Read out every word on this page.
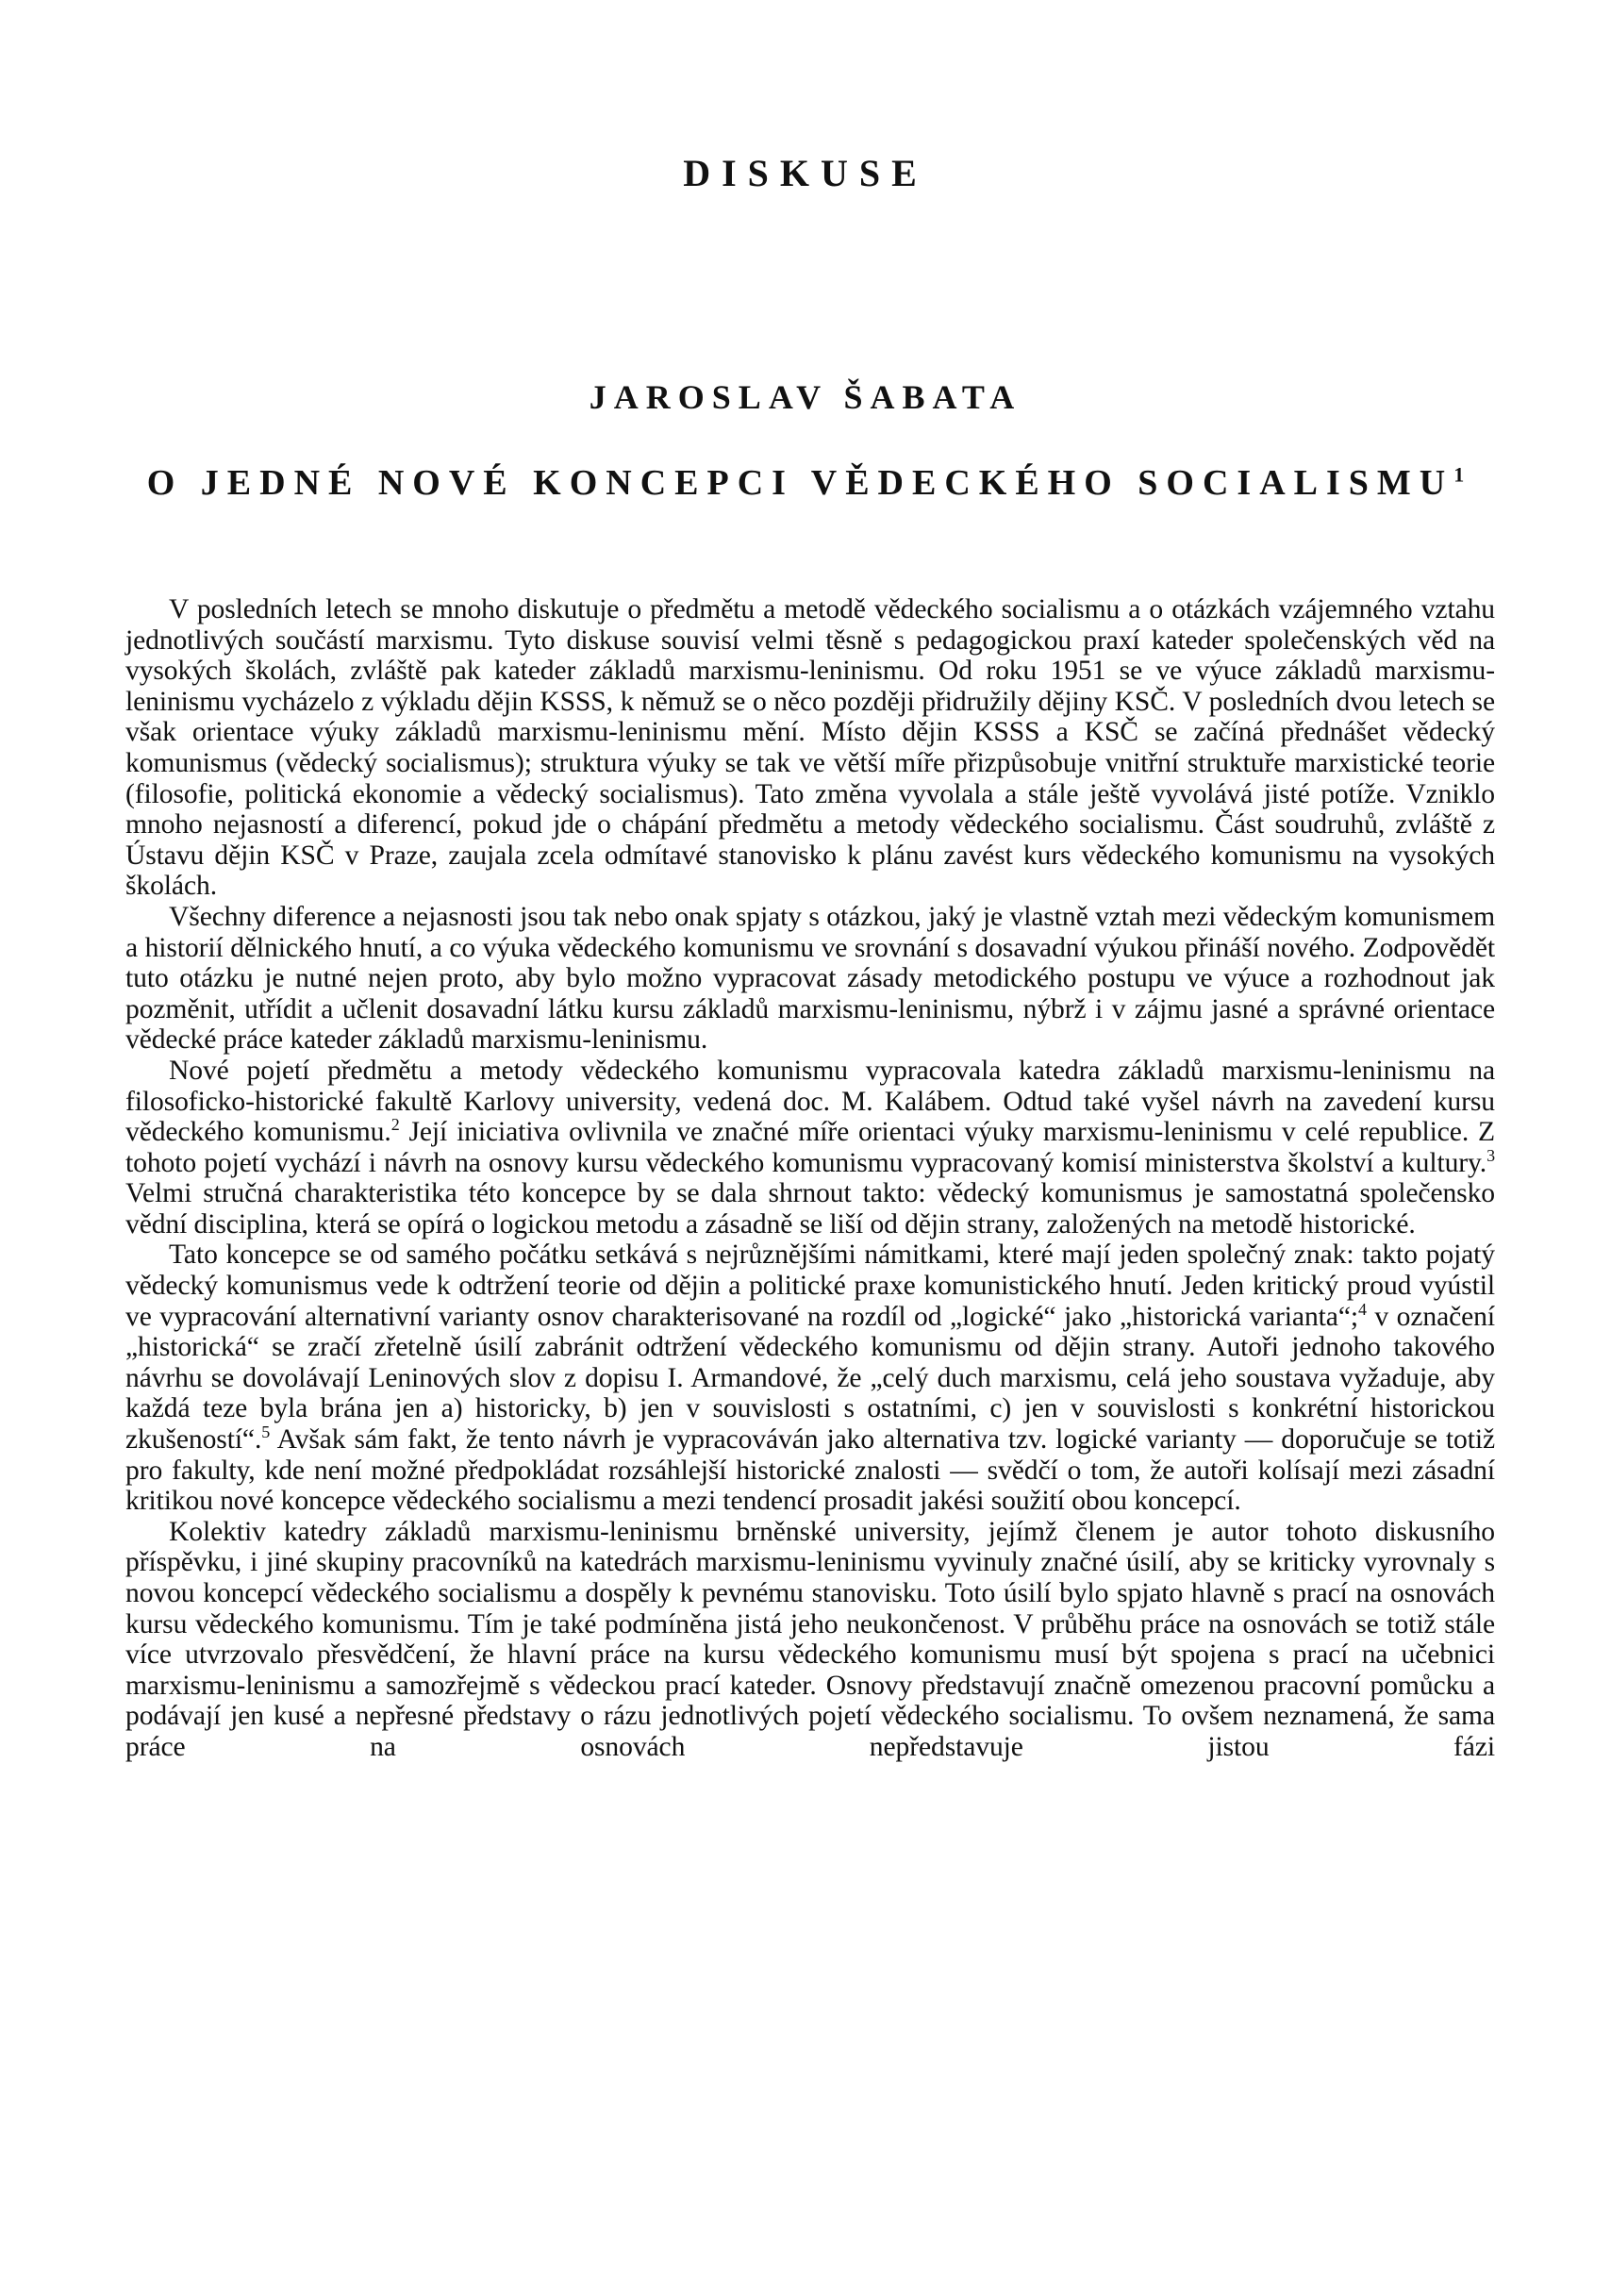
DISKUSE
JAROSLAV ŠABATA
O JEDNÉ NOVÉ KONCEPCI VĚDECKÉHO SOCIALISMU$^1$

V posledních letech se mnoho diskutuje o předmětu a metodě vědeckého socialismu a o otázkách vzájemného vztahu jednotlivých součástí marxismu. Tyto diskuse souvisí velmi těsně s pedagogickou praxí kateder společenských věd na vysokých školách, zvláště pak kateder základů marxismu-leninismu. Od roku 1951 se ve výuce základů marxismu-leninismu vycházelo z výkladu dějin KSSS, k němuž se o něco později přidružily dějiny KSČ. V posledních dvou letech se však orientace výuky základů marxismu-leninismu mění. Místo dějin KSSS a KSČ se začíná přednášet vědecký komunismus (vědecký socialismus); struktura výuky se tak ve větší míře přizpůsobuje vnitřní struktuře marxistické teorie (filosofie, politická ekonomie a vědecký socialismus). Tato změna vyvolala a stále ještě vyvolává jisté potíže. Vzniklo mnoho nejasností a diferencí, pokud jde o chápání předmětu a metody vědeckého socialismu. Část soudruhů, zvláště z Ústavu dějin KSČ v Praze, zaujala zcela odmítavé stanovisko k plánu zavést kurs vědeckého komunismu na vysokých školách.

Všechny diference a nejasnosti jsou tak nebo onak spjaty s otázkou, jaký je vlastně vztah mezi vědeckým komunismem a historií dělnického hnutí, a co výuka vědeckého komunismu ve srovnání s dosavadní výukou přináší nového. Zodpovědět tuto otázku je nutné nejen proto, aby bylo možno vypracovat zásady metodického postupu ve výuce a rozhodnout jak pozměnit, utřídit a učlenit dosavadní látku kursu základů marxismu-leninismu, nýbrž i v zájmu jasné a správné orientace vědecké práce kateder základů marxismu-leninismu.

Nové pojetí předmětu a metody vědeckého komunismu vypracovala katedra základů marxismu-leninismu na filosoficko-historické fakultě Karlovy university, vedená doc. M. Kalábem. Odtud také vyšel návrh na zavedení kursu vědeckého komunismu.$^2$ Její iniciativa ovlivnila ve značné míře orientaci výuky marxismu-leninismu v celé republice. Z tohoto pojetí vychází i návrh na osnovy kursu vědeckého komunismu vypracovaný komisí ministerstva školství a kultury.$^3$ Velmi stručná charakteristika této koncepce by se dala shrnout takto: vědecký komunismus je samostatná společensko vědní disciplina, která se opírá o logickou metodu a zásadně se liší od dějin strany, založených na metodě historické.

Tato koncepce se od samého počátku setkává s nejrůznějšími námitkami, které mají jeden společný znak: takto pojatý vědecký komunismus vede k odtržení teorie od dějin a politické praxe komunistického hnutí. Jeden kritický proud vyústil ve vypracování alternativní varianty osnov charakterisované na rozdíl od „logické“ jako „historická varianta“;$^4$ v označení „historická“ se zračí zřetelně úsilí zabránit odtržení vědeckého komunismu od dějin strany. Autoři jednoho takového návrhu se dovolávají Leninových slov z dopisu I. Armandové, že „celý duch marxismu, celá jeho soustava vyžaduje, aby každá teze byla brána jen a) historicky, b) jen v souvislosti s ostatními, c) jen v souvislosti s konkrétní historickou zkušeností“.$^5$ Avšak sám fakt, že tento návrh je vypracováván jako alternativa tzv. logické varianty — doporučuje se totiž pro fakulty, kde není možné předpokládat rozsáhlejší historické znalosti — svědčí o tom, že autoři kolísají mezi zásadní kritikou nové koncepce vědeckého socialismu a mezi tendencí prosadit jakési soužití obou koncepcí.

Kolektiv katedry základů marxismu-leninismu brněnské university, jejímž členem je autor tohoto diskusního příspěvku, i jiné skupiny pracovníků na katedrách marxismu-leninismu vyvinuly značné úsilí, aby se kriticky vyrovnaly s novou koncepcí vědeckého socialismu a dospěly k pevnému stanovisku. Toto úsilí bylo spjato hlavně s prací na osnovách kursu vědeckého komunismu. Tím je také podmíněna jistá jeho neukončenost. V průběhu práce na osnovách se totiž stále více utvrzovalo přesvědčení, že hlavní práce na kursu vědeckého komunismu musí být spojena s prací na učebnici marxismu-leninismu a samozřejmě s vědeckou prací kateder. Osnovy představují značně omezenou pracovní pomůcku a podávají jen kusé a nepřesné představy o rázu jednotlivých pojetí vědeckého socialismu. To ovšem neznamená, že sama práce na osnovách nepředstavuje jistou fázi
